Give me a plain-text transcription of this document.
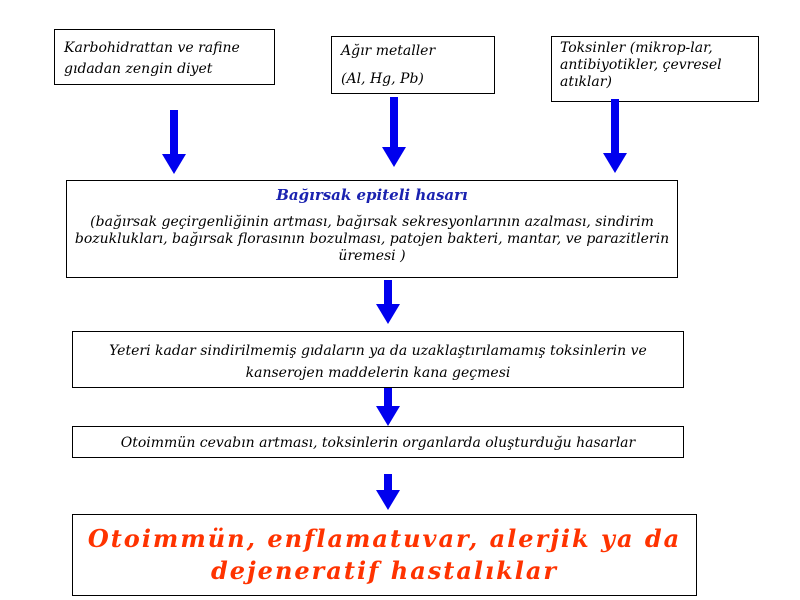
Karbohidrattan ve rafine gıdadan zengin diyet
Ağır metaller
(Al, Hg, Pb)
Toksinler (mikrop-lar, antibiyotikler, çevresel atıklar)
Bağırsak epiteli hasarı
(bağırsak geçirgenliğinin artması, bağırsak sekresyonlarının azalması, sindirim bozuklukları, bağırsak florasının bozulması, patojen bakteri, mantar, ve parazitlerin üremesi )
Yeteri kadar sindirilmemiş gıdaların ya da uzaklaştırılamamış toksinlerin ve kanserojen maddelerin kana geçmesi
Otoimmün cevabın artması, toksinlerin organlarda oluşturduğu hasarlar
Otoimmün, enflamatuvar, alerjik ya da dejeneratif hastalıklar
